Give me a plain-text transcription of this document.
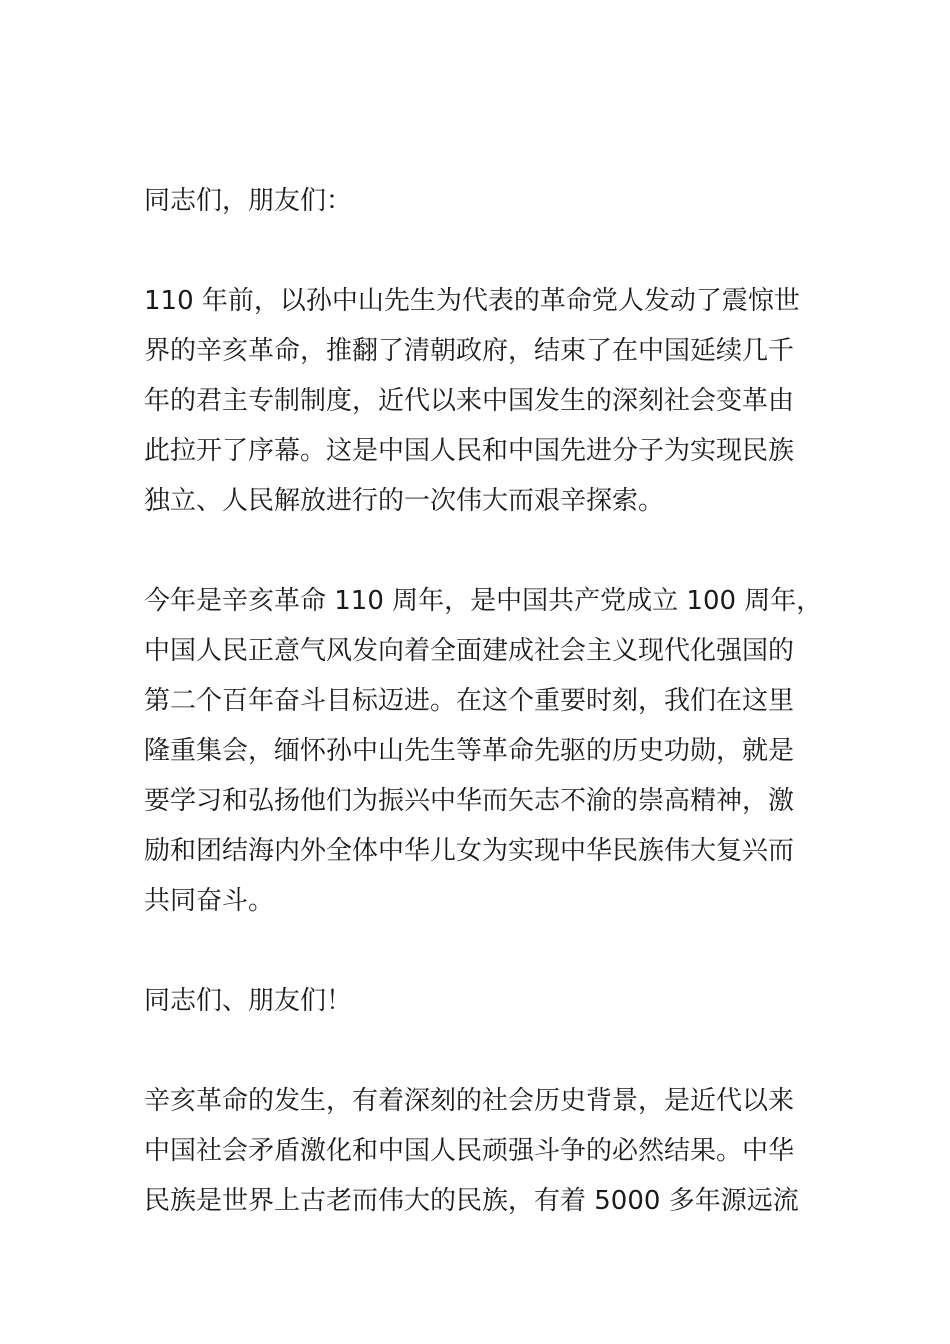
同志们，朋友们：

110 年前，以孙中山先生为代表的革命党人发动了震惊世
界的辛亥革命，推翻了清朝政府，结束了在中国延续几千
年的君主专制制度，近代以来中国发生的深刻社会变革由
此拉开了序幕。这是中国人民和中国先进分子为实现民族
独立、人民解放进行的一次伟大而艰辛探索。

今年是辛亥革命 110 周年，是中国共产党成立 100 周年，
中国人民正意气风发向着全面建成社会主义现代化强国的
第二个百年奋斗目标迈进。在这个重要时刻，我们在这里
隆重集会，缅怀孙中山先生等革命先驱的历史功勋，就是
要学习和弘扬他们为振兴中华而矢志不渝的崇高精神，激
励和团结海内外全体中华儿女为实现中华民族伟大复兴而
共同奋斗。

同志们、朋友们！

辛亥革命的发生，有着深刻的社会历史背景，是近代以来
中国社会矛盾激化和中国人民顽强斗争的必然结果。中华
民族是世界上古老而伟大的民族，有着 5000 多年源远流
